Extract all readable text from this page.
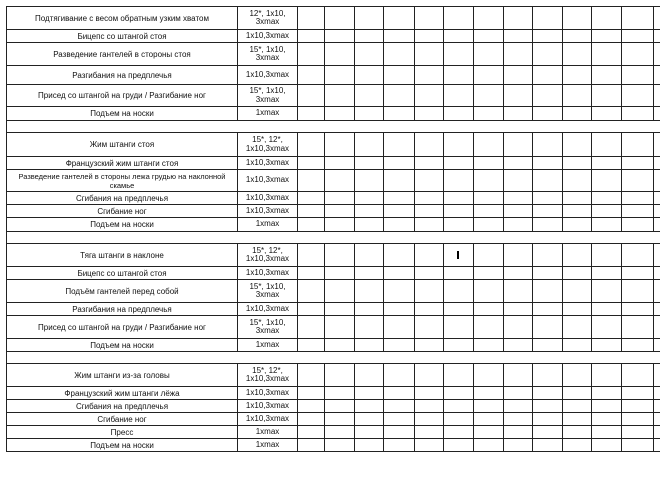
Подтягивание с весом обратным узким хватом	12*, 1x10, 3xmax													
Бицепс со штангой стоя	1x10,3xmax													
Разведение гантелей в стороны стоя	15*, 1x10, 3xmax													
Разгибания на предплечья	1x10,3xmax													
Присед со штангой на груди / Разгибание ног	15*, 1x10, 3xmax													
Подъем на носки	1xmax													

Жим штанги стоя	15*, 12*, 1x10,3xmax													
Французский жим штанги стоя	1x10,3xmax													
Разведение гантелей в стороны лежа грудью на наклонной скамье	1x10,3xmax													
Сгибания на предплечья	1x10,3xmax													
Сгибание ног	1x10,3xmax													
Подъем на носки	1xmax													

Тяга штанги в наклоне	15*, 12*, 1x10,3xmax						

Бицепс со штангой стоя	1x10,3xmax													
Подъём гантелей перед собой	15*, 1x10, 3xmax													
Разгибания на предплечья	1x10,3xmax													
Присед со штангой на груди / Разгибание ног	15*, 1x10, 3xmax													
Подъем на носки	1xmax													

Жим штанги из-за головы	15*, 12*, 1x10,3xmax													
Французский жим штанги лёжа	1x10,3xmax													
Сгибания на предплечья	1x10,3xmax													
Сгибание ног	1x10,3xmax													
Пресс	1xmax													
Подъем на носки	1xmax													
